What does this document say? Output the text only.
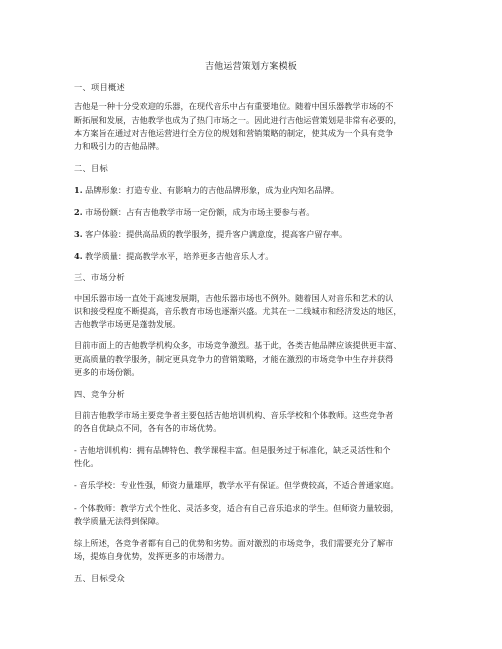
吉他运营策划方案模板
一、项目概述
吉他是一种十分受欢迎的乐器，在现代音乐中占有重要地位。随着中国乐器教学市场的不
断拓展和发展，吉他教学也成为了热门市场之一。因此进行吉他运营策划是非常有必要的，
本方案旨在通过对吉他运营进行全方位的规划和营销策略的制定，使其成为一个具有竞争
力和吸引力的吉他品牌。
二、目标
1. 品牌形象：打造专业、有影响力的吉他品牌形象，成为业内知名品牌。
2. 市场份额：占有吉他教学市场一定份额，成为市场主要参与者。
3. 客户体验：提供高品质的教学服务，提升客户满意度，提高客户留存率。
4. 教学质量：提高教学水平，培养更多吉他音乐人才。
三、市场分析
中国乐器市场一直处于高速发展期，吉他乐器市场也不例外。随着国人对音乐和艺术的认
识和接受程度不断提高，音乐教育市场也逐渐兴盛。尤其在一二线城市和经济发达的地区，
吉他教学市场更是蓬勃发展。
目前市面上的吉他教学机构众多，市场竞争激烈。基于此，各类吉他品牌应该提供更丰富、
更高质量的教学服务，制定更具竞争力的营销策略，才能在激烈的市场竞争中生存并获得
更多的市场份额。
四、竞争分析
目前吉他教学市场主要竞争者主要包括吉他培训机构、音乐学校和个体教师。这些竞争者
的各自优缺点不同，各有各的市场优势。
- 吉他培训机构：拥有品牌特色、教学课程丰富。但是服务过于标准化，缺乏灵活性和个
性化。
- 音乐学校：专业性强，师资力量雄厚，教学水平有保证。但学费较高，不适合普通家庭。
- 个体教师：教学方式个性化、灵活多变，适合有自己音乐追求的学生。但师资力量较弱，
教学质量无法得到保障。
综上所述，各竞争者都有自己的优势和劣势。面对激烈的市场竞争，我们需要充分了解市
场，提炼自身优势，发挥更多的市场潜力。
五、目标受众
